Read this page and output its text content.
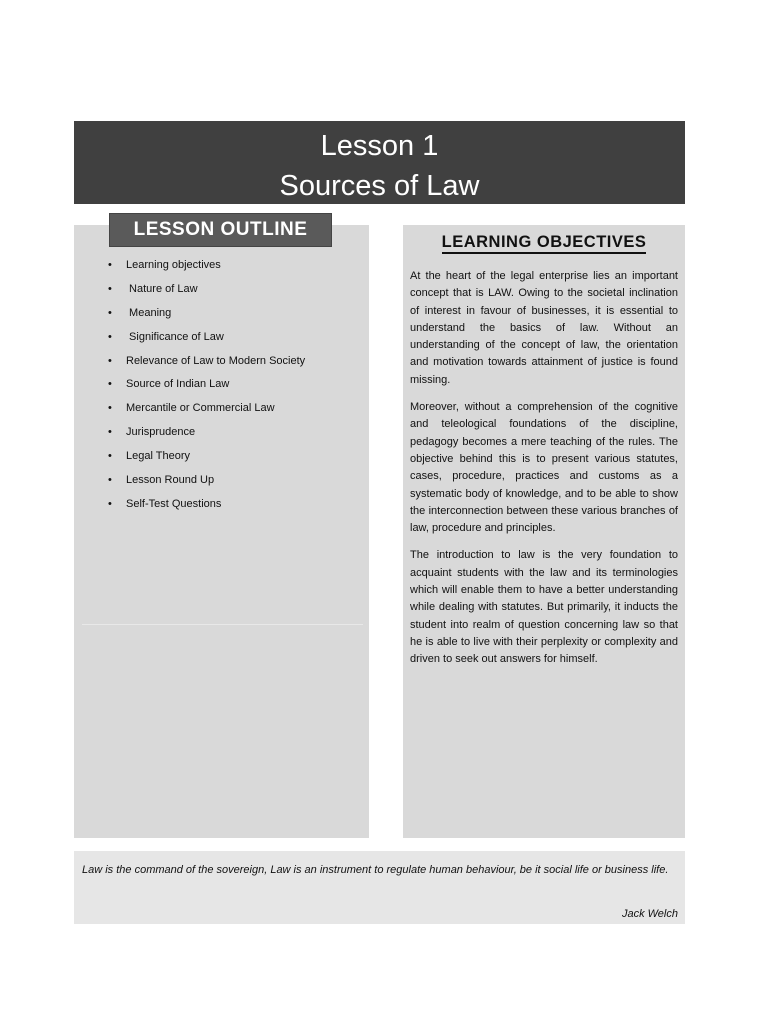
Lesson 1
Sources of Law
LESSON OUTLINE
• Learning objectives
• Nature of Law
• Meaning
• Significance of Law
• Relevance of Law to Modern Society
• Source of Indian Law
• Mercantile or Commercial Law
• Jurisprudence
• Legal Theory
• Lesson Round Up
• Self-Test Questions
LEARNING OBJECTIVES

At the heart of the legal enterprise lies an important concept that is LAW. Owing to the societal inclination of interest in favour of businesses, it is essential to understand the basics of law. Without an understanding of the concept of law, the orientation and motivation towards attainment of justice is found missing.

Moreover, without a comprehension of the cognitive and teleological foundations of the discipline, pedagogy becomes a mere teaching of the rules. The objective behind this is to present various statutes, cases, procedure, practices and customs as a systematic body of knowledge, and to be able to show the interconnection between these various branches of law, procedure and principles.

The introduction to law is the very foundation to acquaint students with the law and its terminologies which will enable them to have a better understanding while dealing with statutes. But primarily, it inducts the student into realm of question concerning law so that he is able to live with their perplexity or complexity and driven to seek out answers for himself.

Law is the command of the sovereign, Law is an instrument to regulate human behaviour, be it social life or business life.
Jack Welch
